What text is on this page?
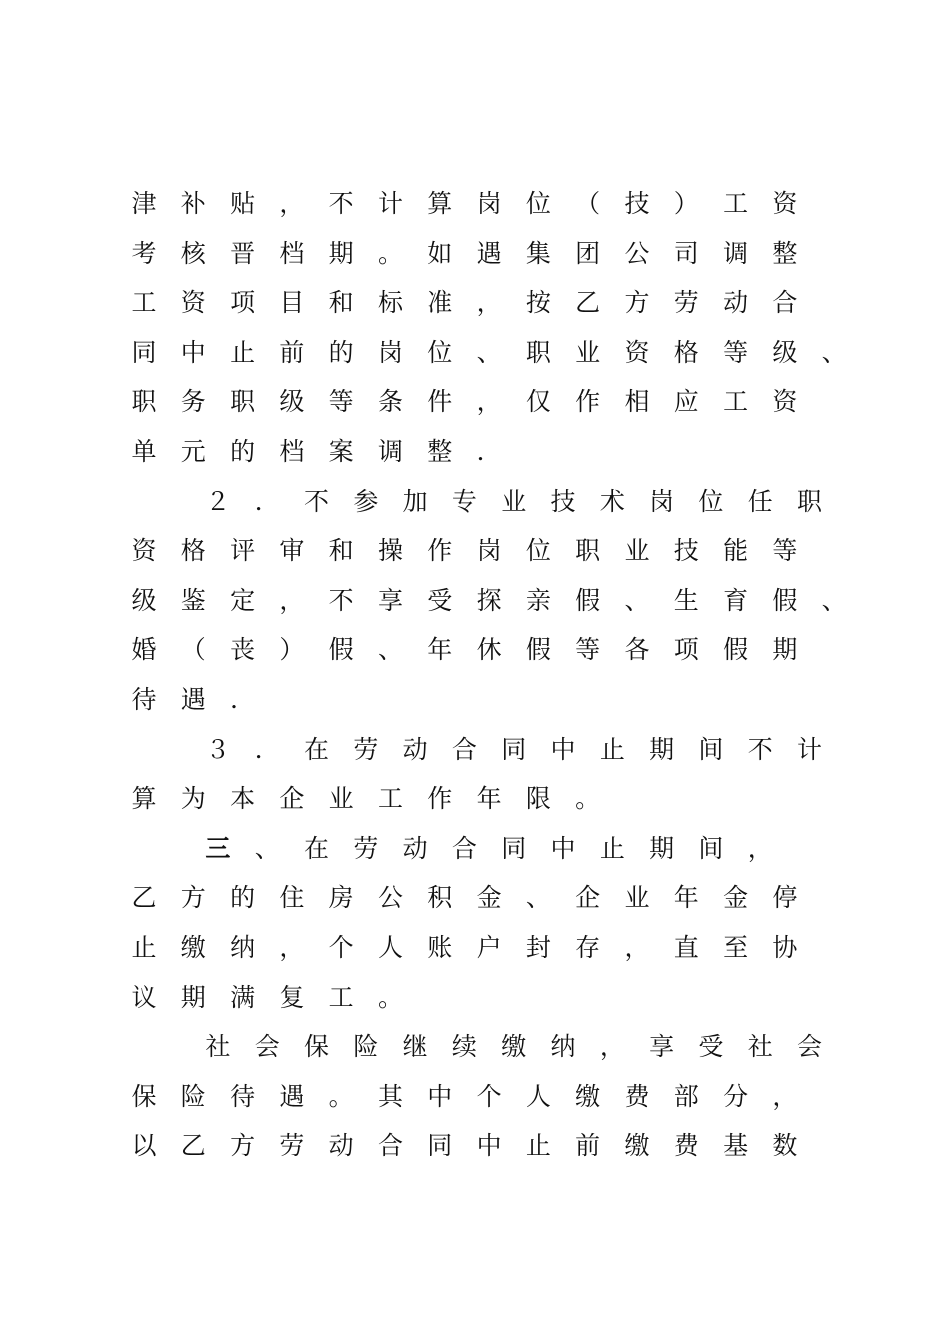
津 补 贴 ， 不 计 算 岗 位 （ 技 ） 工 资
考 核 晋 档 期 。 如 遇 集 团 公 司 调 整
工 资 项 目 和 标 准 ， 按 乙 方 劳 动 合
同 中 止 前 的 岗 位 、 职 业 资 格 等 级 、
职 务 职 级 等 条 件 ， 仅 作 相 应 工 资
单 元 的 档 案 调 整 ．
２ ． 不 参 加 专 业 技 术 岗 位 任 职
资 格 评 审 和 操 作 岗 位 职 业 技 能 等
级 鉴 定 ， 不 享 受 探 亲 假 、 生 育 假 、
婚 （ 丧 ） 假 、 年 休 假 等 各 项 假 期
待 遇 ．
３ ． 在 劳 动 合 同 中 止 期 间 不 计
算 为 本 企 业 工 作 年 限 。
三 、 在 劳 动 合 同 中 止 期 间 ，
乙 方 的 住 房 公 积 金 、 企 业 年 金 停
止 缴 纳 ， 个 人 账 户 封 存 ， 直 至 协
议 期 满 复 工 。
社 会 保 险 继 续 缴 纳 ， 享 受 社 会
保 险 待 遇 。 其 中 个 人 缴 费 部 分 ，
以 乙 方 劳 动 合 同 中 止 前 缴 费 基 数
